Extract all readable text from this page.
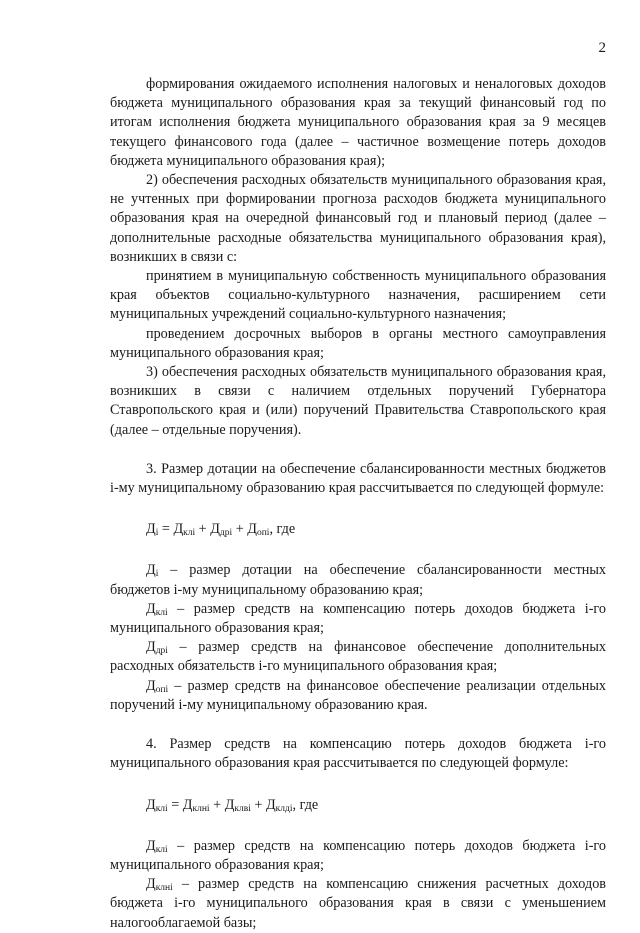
2

формирования ожидаемого исполнения налоговых и неналоговых доходов бюджета муниципального образования края за текущий финансовый год по итогам исполнения бюджета муниципального образования края за 9 месяцев текущего финансового года (далее – частичное возмещение потерь доходов бюджета муниципального образования края);

2) обеспечения расходных обязательств муниципального образования края, не учтенных при формировании прогноза расходов бюджета муниципального образования края на очередной финансовый год и плановый период (далее – дополнительные расходные обязательства муниципального образования края), возникших в связи с:

принятием в муниципальную собственность муниципального образования края объектов социально-культурного назначения, расширением сети муниципальных учреждений социально-культурного назначения;

проведением досрочных выборов в органы местного самоуправления муниципального образования края;

3) обеспечения расходных обязательств муниципального образования края, возникших в связи с наличием отдельных поручений Губернатора Ставропольского края и (или) поручений Правительства Ставропольского края (далее – отдельные поручения).

3. Размер дотации на обеспечение сбалансированности местных бюджетов i-му муниципальному образованию края рассчитывается по следующей формуле:

$Д_i = Д_{клi} + Д_{дрi} + Д_{опi}$, где

$Д_i$ – размер дотации на обеспечение сбалансированности местных бюджетов i-му муниципальному образованию края;

$Д_{клi}$ – размер средств на компенсацию потерь доходов бюджета i-го муниципального образования края;

$Д_{дрi}$ – размер средств на финансовое обеспечение дополнительных расходных обязательств i-го муниципального образования края;

$Д_{опi}$ – размер средств на финансовое обеспечение реализации отдельных поручений i-му муниципальному образованию края.

4. Размер средств на компенсацию потерь доходов бюджета i-го муниципального образования края рассчитывается по следующей формуле:

$Д_{клi} = Д_{клнi} + Д_{клвi} + Д_{клдi}$, где

$Д_{клi}$ – размер средств на компенсацию потерь доходов бюджета i-го муниципального образования края;

$Д_{клнi}$ – размер средств на компенсацию снижения расчетных доходов бюджета i-го муниципального образования края в связи с уменьшением налогооблагаемой базы;
